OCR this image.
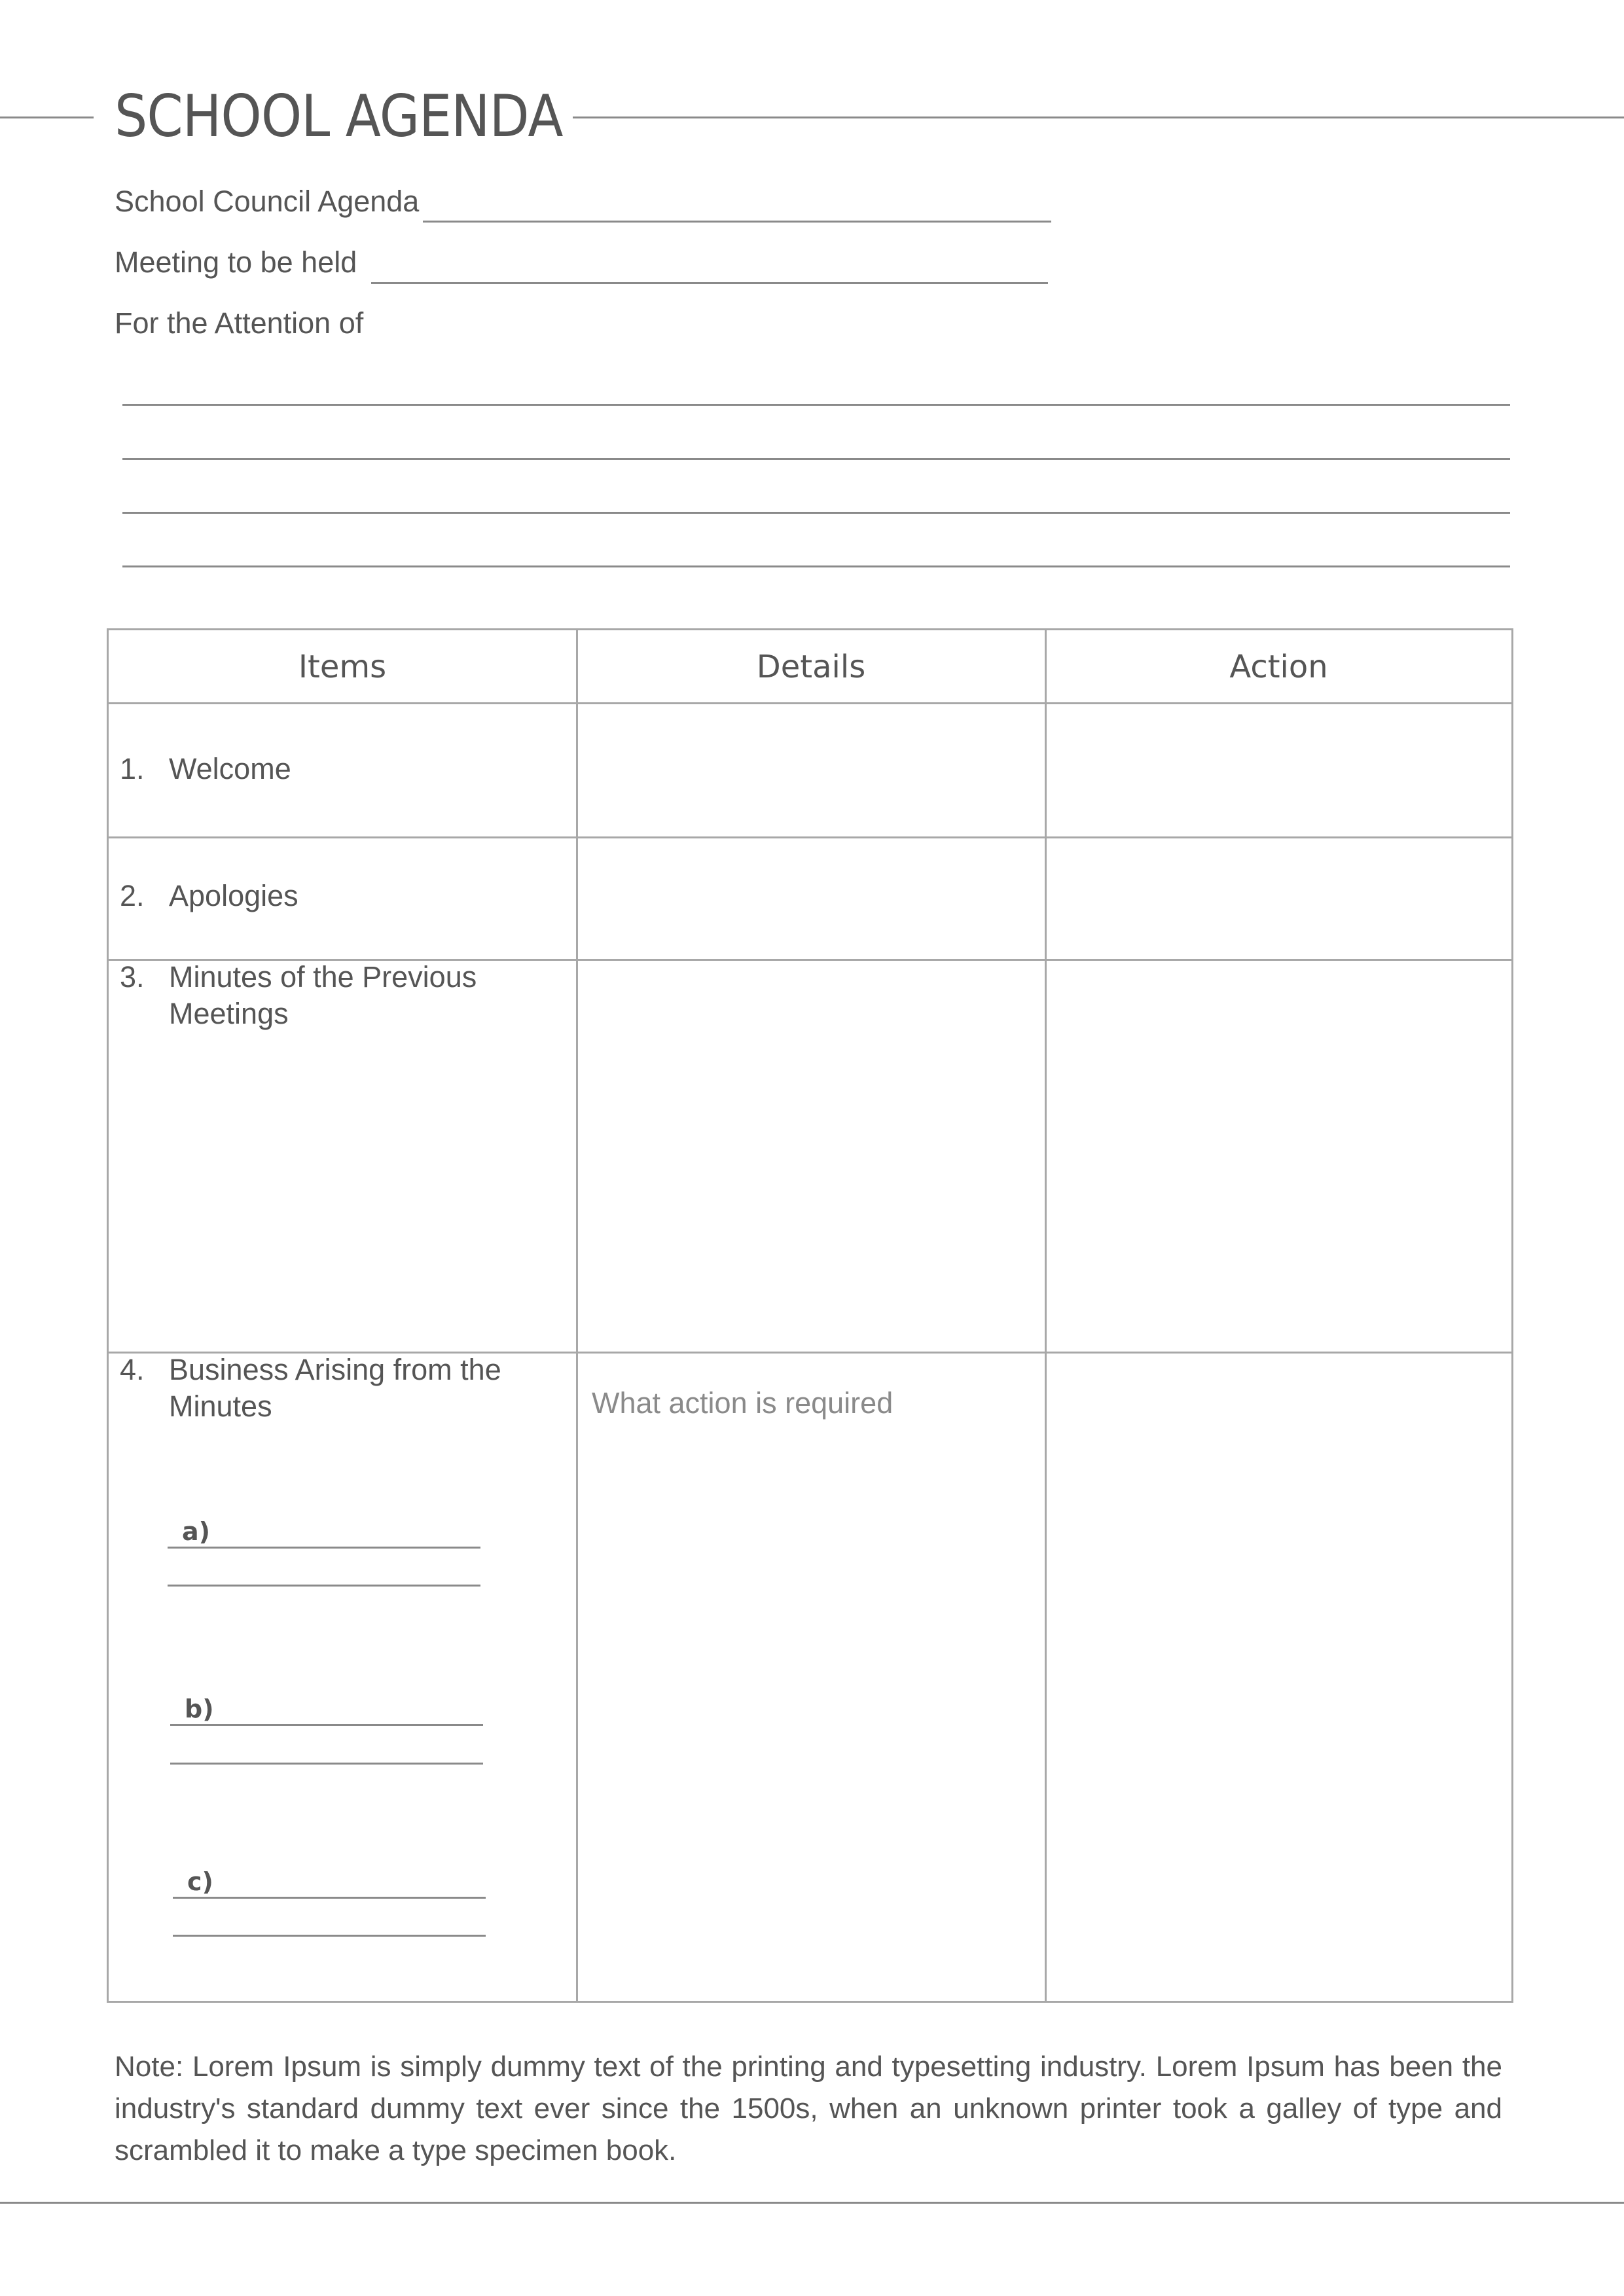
SCHOOL AGENDA
School Council Agenda
Meeting to be held
For the Attention of
Items	Details	Action
1. Welcome
2. Apologies
3. Minutes of the Previous Meetings
4. Business Arising from the Minutes	What action is required
a)
b)
c)
Note: Lorem Ipsum is simply dummy text of the printing and typesetting industry. Lorem Ipsum has been the industry's standard dummy text ever since the 1500s, when an unknown printer took a galley of type and scrambled it to make a type specimen book.
